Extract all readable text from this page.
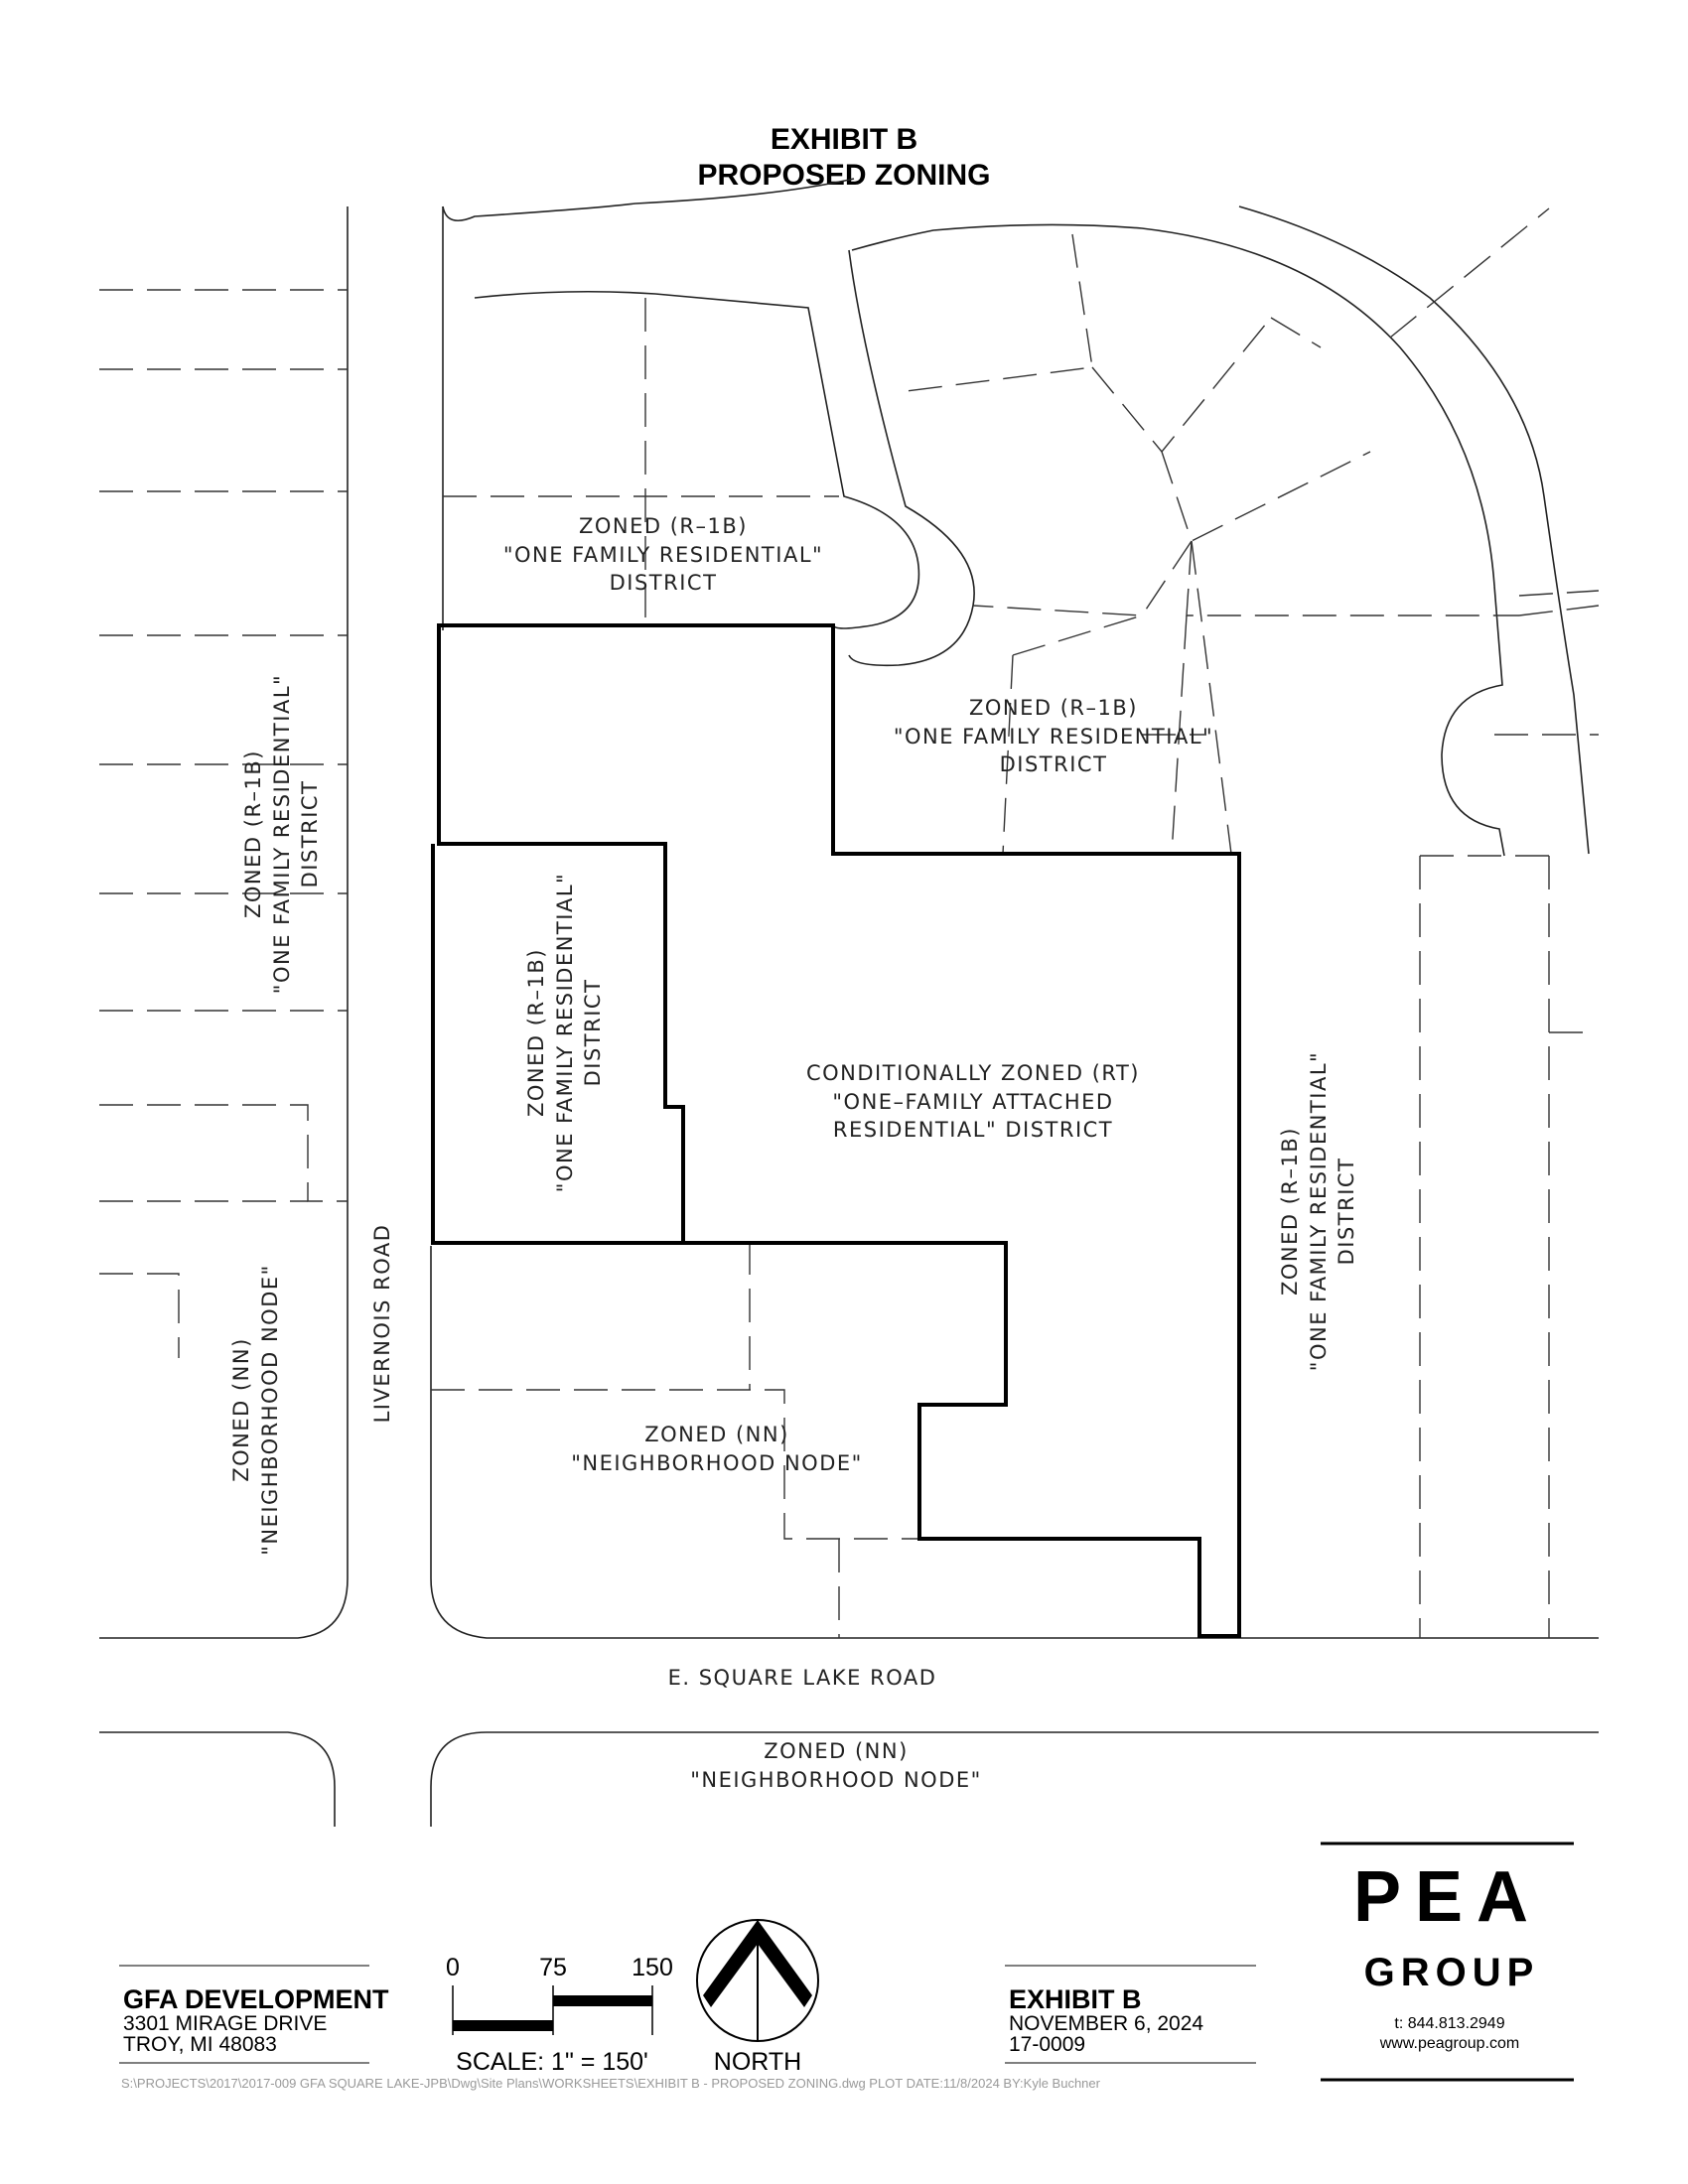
EXHIBIT B
PROPOSED ZONING
ZONED (R–1B)
"ONE FAMILY RESIDENTIAL"
DISTRICT
ZONED (R–1B)
"ONE FAMILY RESIDENTIAL"
DISTRICT
ZONED (R–1B) "ONE FAMILY RESIDENTIAL" DISTRICT
ZONED (R–1B) "ONE FAMILY RESIDENTIAL" DISTRICT	CONDITIONALLY ZONED (RT)
"ONE–FAMILY ATTACHED
RESIDENTIAL" DISTRICT	ZONED (R–1B) "ONE FAMILY RESIDENTIAL" DISTRICT
ZONED (NN) "NEIGHBORHOOD NODE"	ZONED (NN)
"NEIGHBORHOOD NODE"
ZONED (NN)
"NEIGHBORHOOD NODE"
LIVERNOIS ROAD
E. SQUARE LAKE ROAD
GFA DEVELOPMENT
3301 MIRAGE DRIVE
TROY, MI 48083
0	75	150
SCALE: 1" = 150'	NORTH
EXHIBIT B
NOVEMBER 6, 2024
17-0009
PEA
GROUP
t: 844.813.2949
www.peagroup.com
S:\PROJECTS\2017\2017-009 GFA SQUARE LAKE-JPB\Dwg\Site Plans\WORKSHEETS\EXHIBIT B - PROPOSED ZONING.dwg PLOT DATE:11/8/2024 BY:Kyle Buchner
